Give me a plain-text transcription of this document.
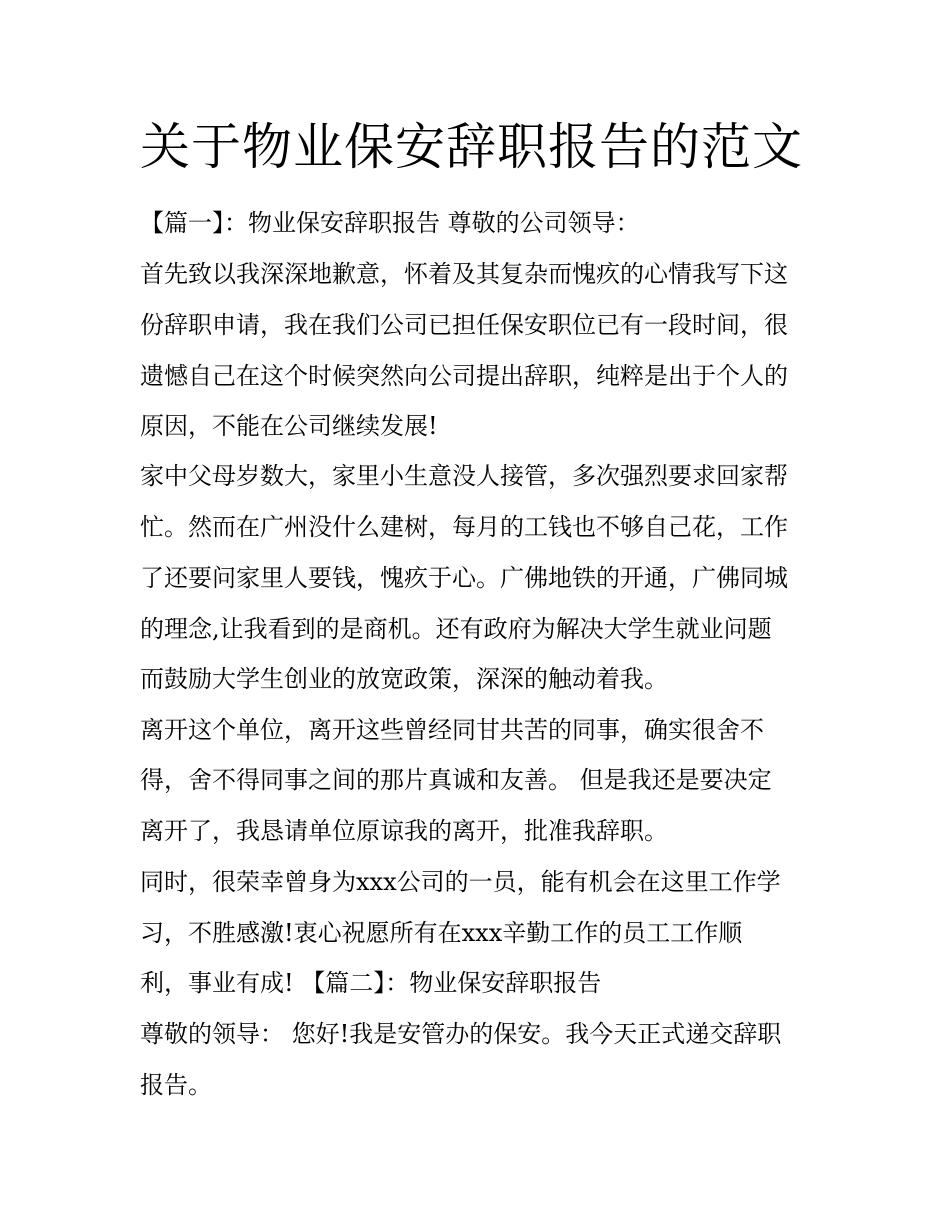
关于物业保安辞职报告的范文

【篇一】：物业保安辞职报告 尊敬的公司领导：

首先致以我深深地歉意，怀着及其复杂而愧疚的心情我写下这

份辞职申请，我在我们公司已担任保安职位已有一段时间，很

遗憾自己在这个时候突然向公司提出辞职，纯粹是出于个人的

原因，不能在公司继续发展!

家中父母岁数大，家里小生意没人接管，多次强烈要求回家帮

忙。然而在广州没什么建树，每月的工钱也不够自己花，工作

了还要问家里人要钱，愧疚于心。广佛地铁的开通，广佛同城

的理念,让我看到的是商机。还有政府为解决大学生就业问题

而鼓励大学生创业的放宽政策，深深的触动着我。

离开这个单位，离开这些曾经同甘共苦的同事，确实很舍不

得，舍不得同事之间的那片真诚和友善。 但是我还是要决定

离开了，我恳请单位原谅我的离开，批准我辞职。

同时，很荣幸曾身为xxx公司的一员，能有机会在这里工作学

习，不胜感激!衷心祝愿所有在xxx辛勤工作的员工工作顺

利，事业有成! 【篇二】：物业保安辞职报告

尊敬的领导： 您好!我是安管办的保安。我今天正式递交辞职

报告。
